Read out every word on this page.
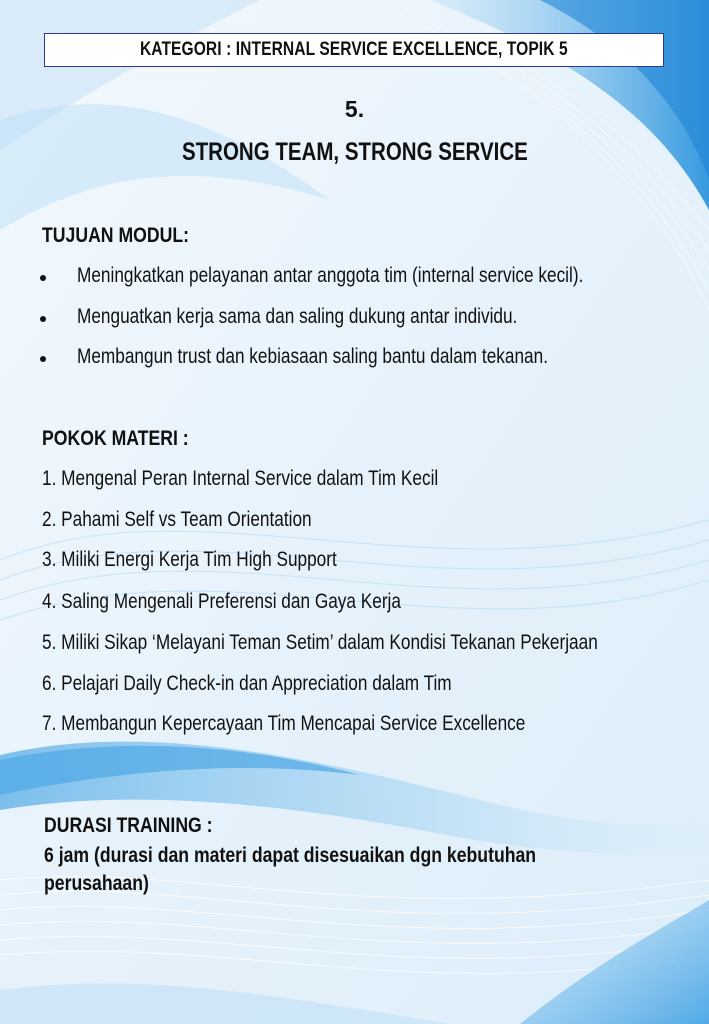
KATEGORI : INTERNAL SERVICE EXCELLENCE, TOPIK 5
5.
STRONG TEAM, STRONG SERVICE
TUJUAN MODUL:
Meningkatkan pelayanan antar anggota tim (internal service kecil).
Menguatkan kerja sama dan saling dukung antar individu.
Membangun trust dan kebiasaan saling bantu dalam tekanan.
POKOK MATERI :
1. Mengenal Peran Internal Service dalam Tim Kecil
2. Pahami Self vs Team Orientation
3. Miliki Energi Kerja Tim High Support
4. Saling Mengenali Preferensi dan Gaya Kerja
5. Miliki Sikap ‘Melayani Teman Setim’ dalam Kondisi Tekanan Pekerjaan
6. Pelajari Daily Check-in dan Appreciation dalam Tim
7. Membangun Kepercayaan Tim Mencapai Service Excellence
DURASI TRAINING :
6 jam (durasi dan materi dapat disesuaikan dgn kebutuhan perusahaan)
